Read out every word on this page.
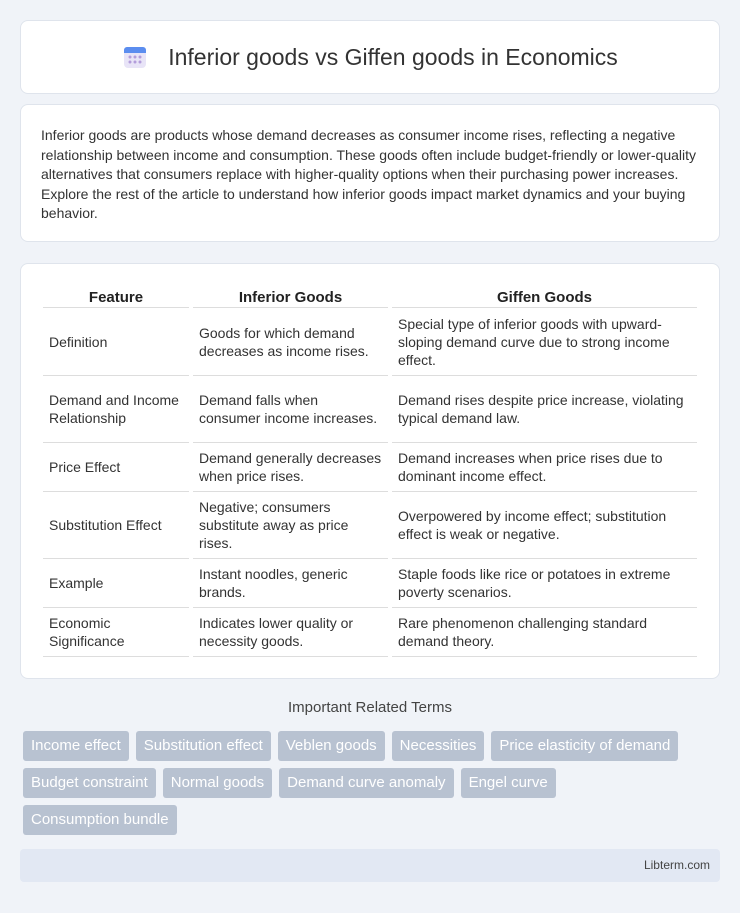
Inferior goods vs Giffen goods in Economics

Inferior goods are products whose demand decreases as consumer income rises, reflecting a negative relationship between income and consumption. These goods often include budget-friendly or lower-quality alternatives that consumers replace with higher-quality options when their purchasing power increases. Explore the rest of the article to understand how inferior goods impact market dynamics and your buying behavior.

Feature	Inferior Goods	Giffen Goods
Definition	Goods for which demand decreases as income rises.	Special type of inferior goods with upward-sloping demand curve due to strong income effect.
Demand and Income Relationship	Demand falls when consumer income increases.	Demand rises despite price increase, violating typical demand law.
Price Effect	Demand generally decreases when price rises.	Demand increases when price rises due to dominant income effect.
Substitution Effect	Negative; consumers substitute away as price rises.	Overpowered by income effect; substitution effect is weak or negative.
Example	Instant noodles, generic brands.	Staple foods like rice or potatoes in extreme poverty scenarios.
Economic Significance	Indicates lower quality or necessity goods.	Rare phenomenon challenging standard demand theory.
Important Related Terms
Income effect	Substitution effect	Veblen goods	Necessities	Price elasticity of demand
Budget constraint	Normal goods	Demand curve anomaly	Engel curve
Consumption bundle
Libterm.com
